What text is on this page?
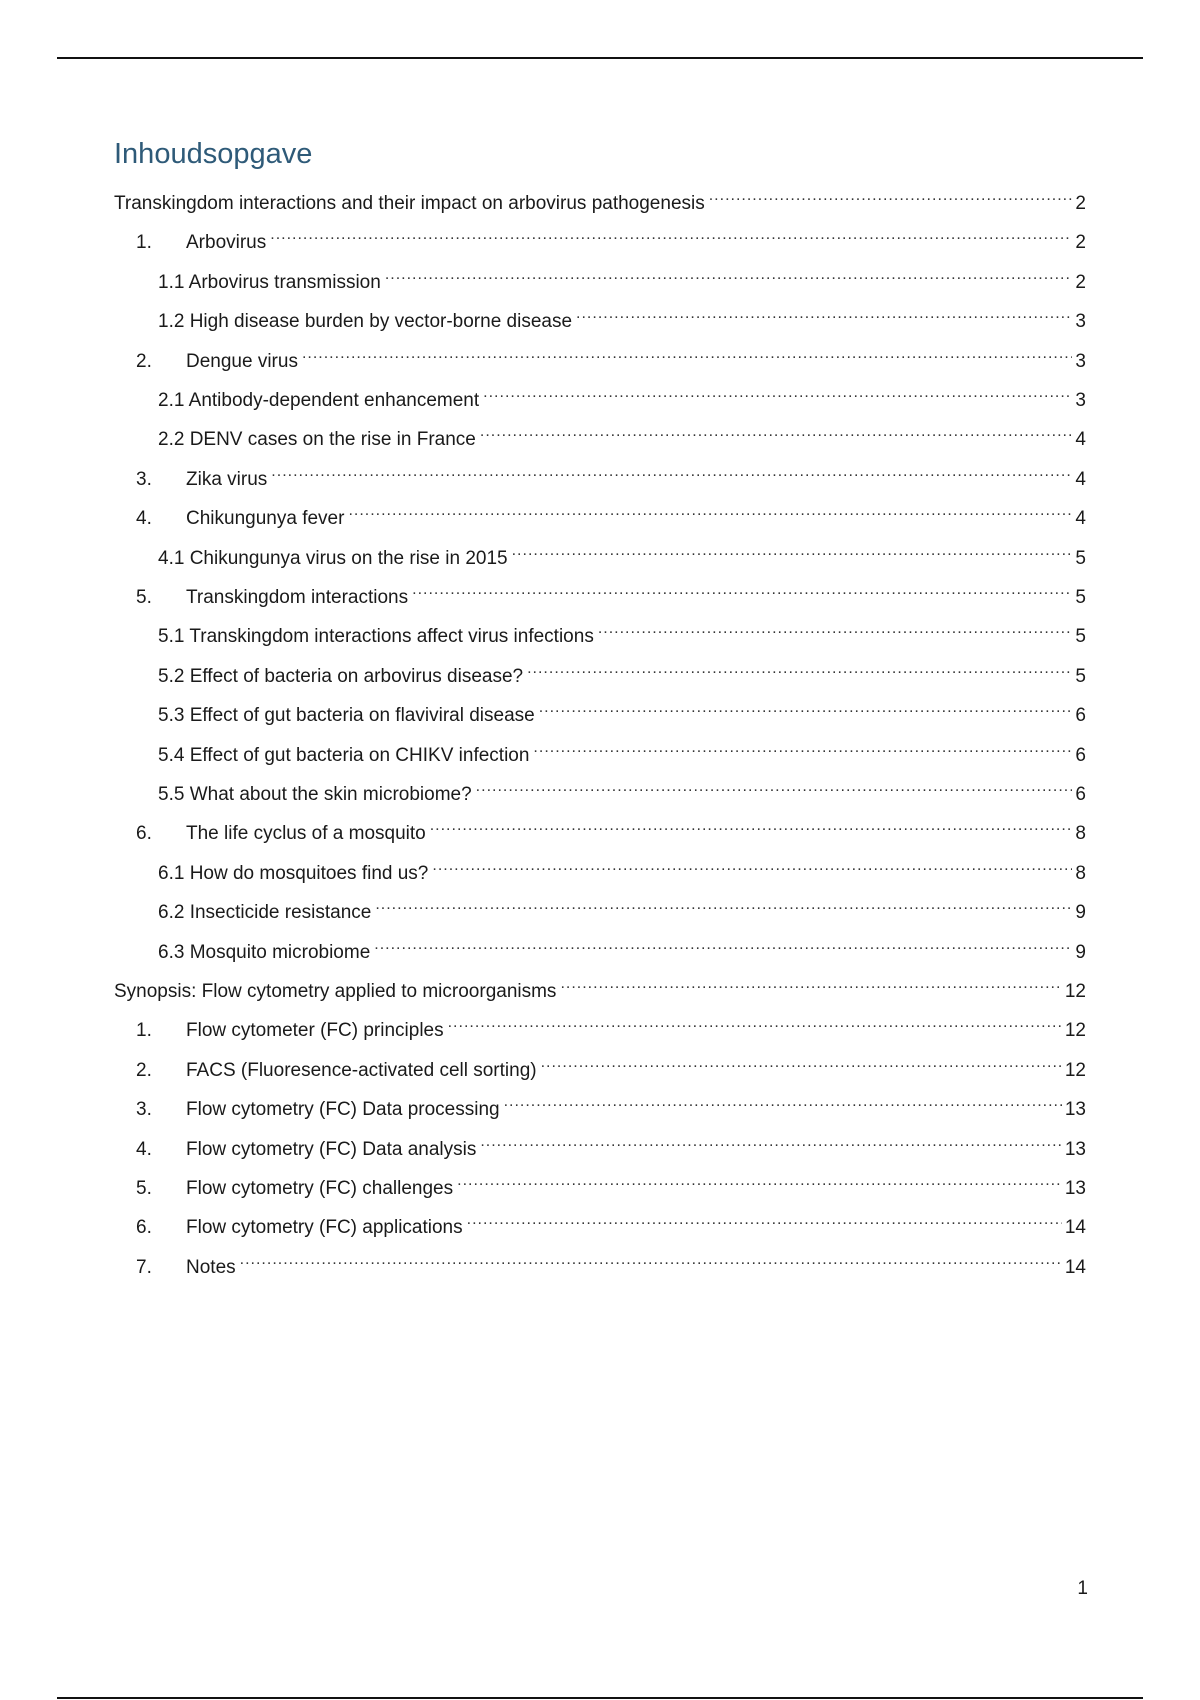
Inhoudsopgave
Transkingdom interactions and their impact on arbovirus pathogenesis .....	2
1.	Arbovirus .....	2
1.1 Arbovirus transmission .....	2
1.2 High disease burden by vector-borne disease .....	3
2.	Dengue virus .....	3
2.1 Antibody-dependent enhancement .....	3
2.2 DENV cases on the rise in France .....	4
3.	Zika virus .....	4
4.	Chikungunya fever .....	4
4.1 Chikungunya virus on the rise in 2015 .....	5
5.	Transkingdom interactions .....	5
5.1 Transkingdom interactions affect virus infections .....	5
5.2 Effect of bacteria on arbovirus disease? .....	5
5.3 Effect of gut bacteria on flaviviral disease .....	6
5.4 Effect of gut bacteria on CHIKV infection .....	6
5.5 What about the skin microbiome? .....	6
6.	The life cyclus of a mosquito .....	8
6.1 How do mosquitoes find us? .....	8
6.2 Insecticide resistance .....	9
6.3 Mosquito microbiome .....	9
Synopsis: Flow cytometry applied to microorganisms .....	12
1.	Flow cytometer (FC) principles .....	12
2.	FACS (Fluoresence-activated cell sorting) .....	12
3.	Flow cytometry (FC) Data processing .....	13
4.	Flow cytometry (FC) Data analysis .....	13
5.	Flow cytometry (FC) challenges .....	13
6.	Flow cytometry (FC) applications .....	14
7.	Notes .....	14
1
